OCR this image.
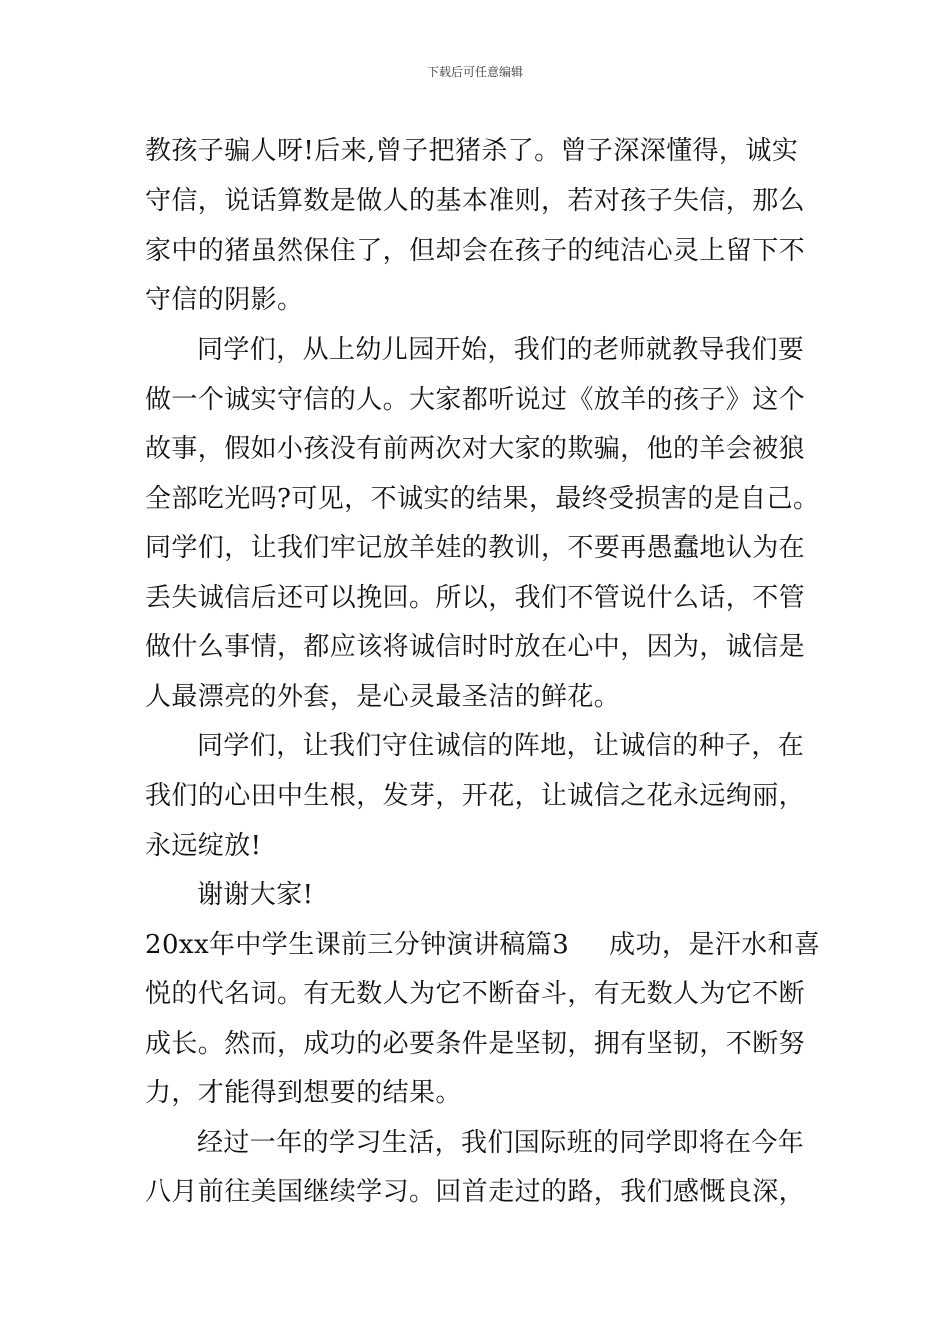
下载后可任意编辑
教孩子骗人呀!后来,曾子把猪杀了。曾子深深懂得，诚实
守信，说话算数是做人的基本准则，若对孩子失信，那么
家中的猪虽然保住了，但却会在孩子的纯洁心灵上留下不
守信的阴影。
同学们，从上幼儿园开始，我们的老师就教导我们要
做一个诚实守信的人。大家都听说过《放羊的孩子》这个
故事，假如小孩没有前两次对大家的欺骗，他的羊会被狼
全部吃光吗?可见，不诚实的结果，最终受损害的是自己。
同学们，让我们牢记放羊娃的教训，不要再愚蠢地认为在
丢失诚信后还可以挽回。所以，我们不管说什么话，不管
做什么事情，都应该将诚信时时放在心中，因为，诚信是
人最漂亮的外套，是心灵最圣洁的鲜花。
同学们，让我们守住诚信的阵地，让诚信的种子，在
我们的心田中生根，发芽，开花，让诚信之花永远绚丽，
永远绽放!
谢谢大家!
20xx年中学生课前三分钟演讲稿篇3 成功，是汗水和喜
悦的代名词。有无数人为它不断奋斗，有无数人为它不断
成长。然而，成功的必要条件是坚韧，拥有坚韧，不断努
力，才能得到想要的结果。
经过一年的学习生活，我们国际班的同学即将在今年
八月前往美国继续学习。回首走过的路，我们感慨良深，
